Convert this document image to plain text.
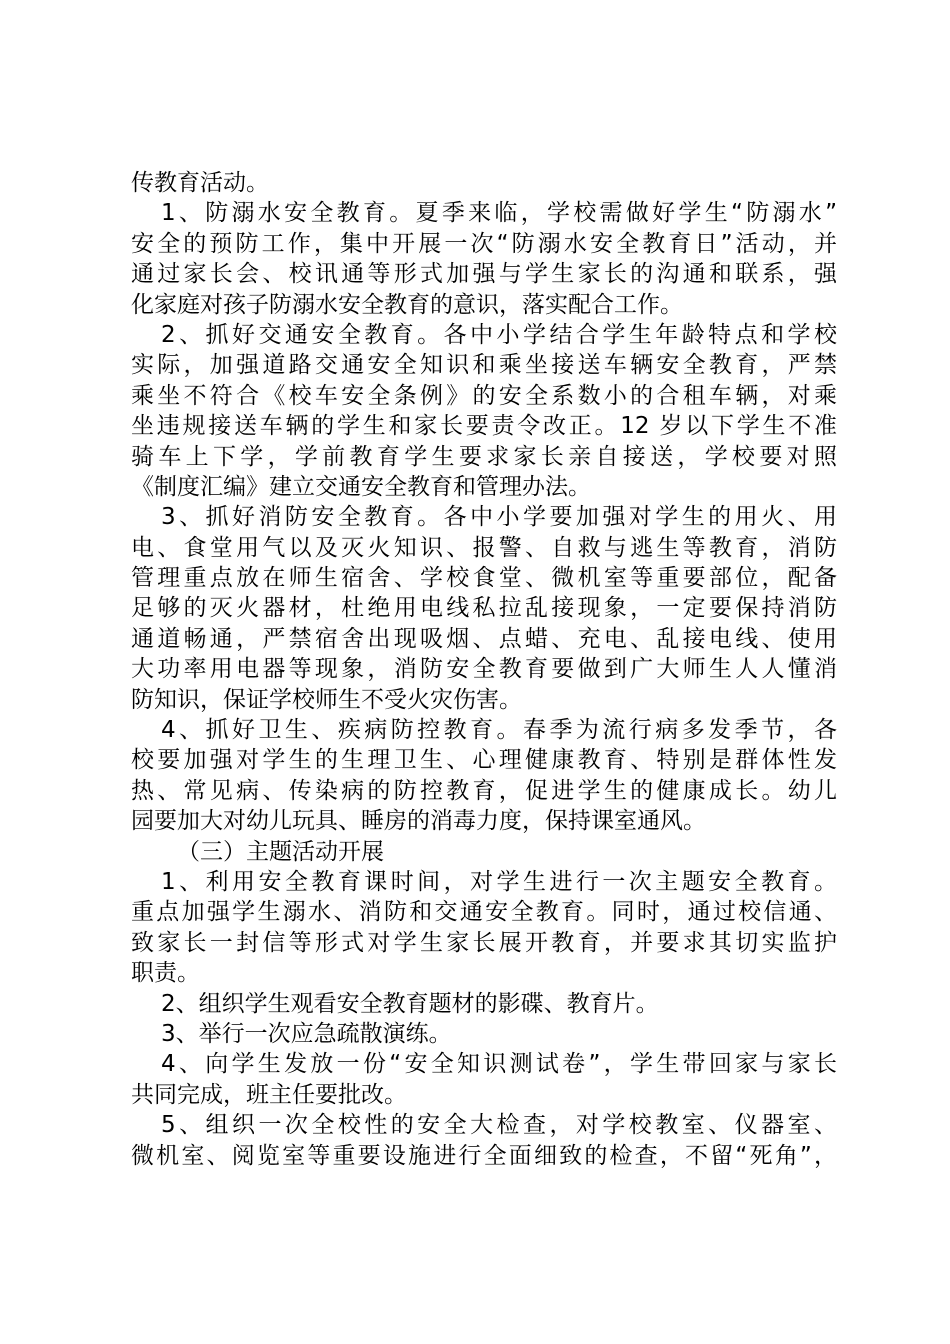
传教育活动。
1、防溺水安全教育。夏季来临，学校需做好学生“防溺水”
安全的预防工作，集中开展一次“防溺水安全教育日”活动，并
通过家长会、校讯通等形式加强与学生家长的沟通和联系，强
化家庭对孩子防溺水安全教育的意识，落实配合工作。
2、抓好交通安全教育。各中小学结合学生年龄特点和学校
实际，加强道路交通安全知识和乘坐接送车辆安全教育，严禁
乘坐不符合《校车安全条例》的安全系数小的合租车辆，对乘
坐违规接送车辆的学生和家长要责令改正。12 岁以下学生不准
骑车上下学，学前教育学生要求家长亲自接送，学校要对照
《制度汇编》建立交通安全教育和管理办法。
3、抓好消防安全教育。各中小学要加强对学生的用火、用
电、食堂用气以及灭火知识、报警、自救与逃生等教育，消防
管理重点放在师生宿舍、学校食堂、微机室等重要部位，配备
足够的灭火器材，杜绝用电线私拉乱接现象，一定要保持消防
通道畅通，严禁宿舍出现吸烟、点蜡、充电、乱接电线、使用
大功率用电器等现象，消防安全教育要做到广大师生人人懂消
防知识，保证学校师生不受火灾伤害。
4、抓好卫生、疾病防控教育。春季为流行病多发季节，各
校要加强对学生的生理卫生、心理健康教育、特别是群体性发
热、常见病、传染病的防控教育，促进学生的健康成长。幼儿
园要加大对幼儿玩具、睡房的消毒力度，保持课室通风。
（三）主题活动开展
1、利用安全教育课时间，对学生进行一次主题安全教育。
重点加强学生溺水、消防和交通安全教育。同时，通过校信通、
致家长一封信等形式对学生家长展开教育，并要求其切实监护
职责。
2、组织学生观看安全教育题材的影碟、教育片。
3、举行一次应急疏散演练。
4、向学生发放一份“安全知识测试卷”，学生带回家与家长
共同完成，班主任要批改。
5、组织一次全校性的安全大检查，对学校教室、仪器室、
微机室、阅览室等重要设施进行全面细致的检查，不留“死角”，
